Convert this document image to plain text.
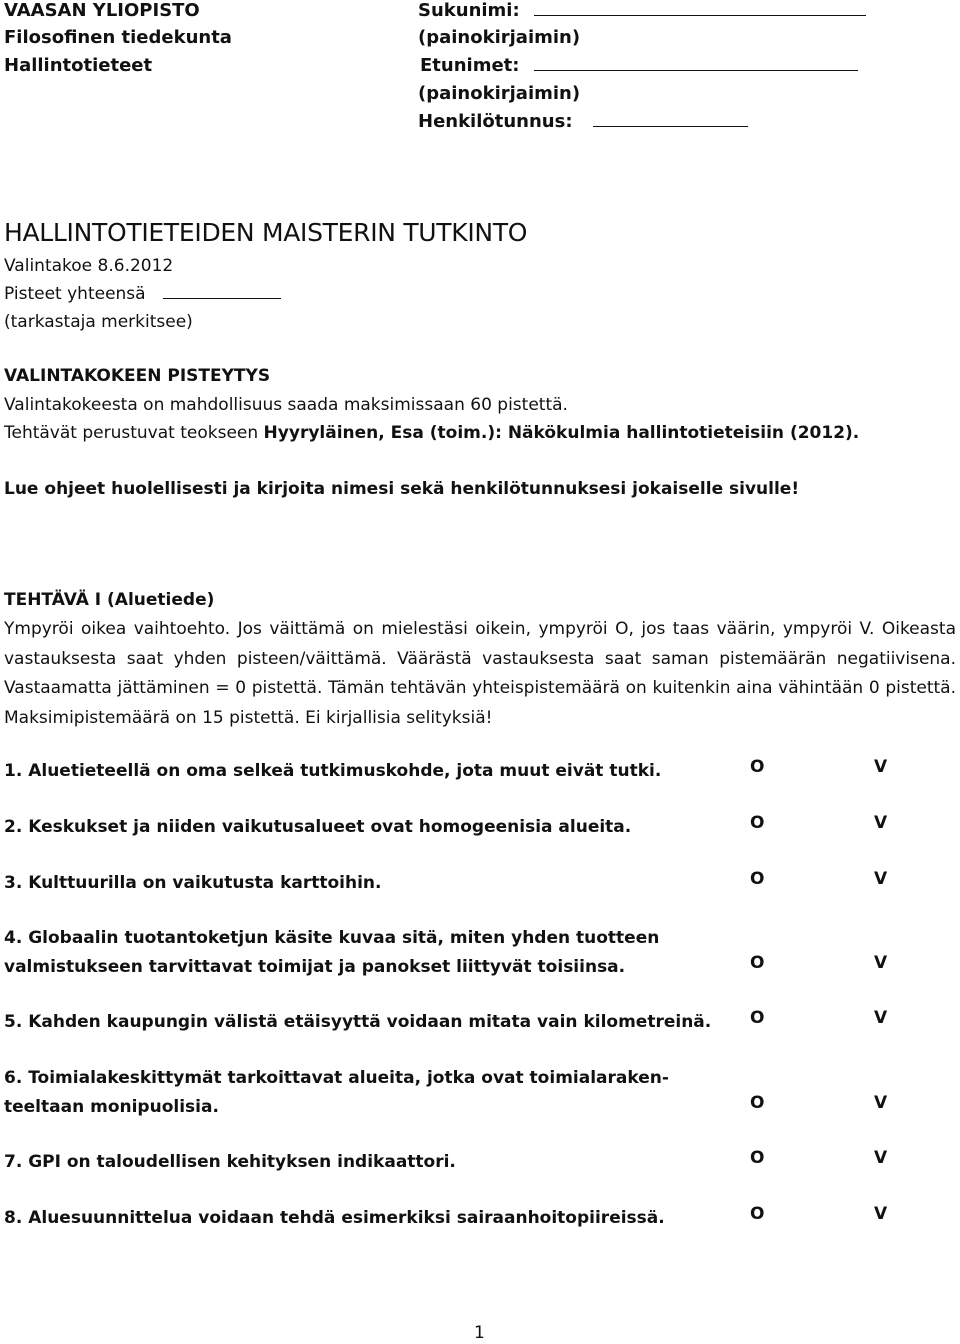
VAASAN YLIOPISTO
Filosofinen tiedekunta
Hallintotieteet
Sukunimi:
(painokirjaimin)
Etunimet:
(painokirjaimin)
Henkilötunnus:
HALLINTOTIETEIDEN MAISTERIN TUTKINTO
Valintakoe 8.6.2012
Pisteet yhteensä
(tarkastaja merkitsee)
VALINTAKOKEEN PISTEYTYS
Valintakokeesta on mahdollisuus saada maksimissaan 60 pistettä.
Tehtävät perustuvat teokseen Hyyryläinen, Esa (toim.): Näkökulmia hallintotieteisiin (2012).
Lue ohjeet huolellisesti ja kirjoita nimesi sekä henkilötunnuksesi jokaiselle sivulle!
TEHTÄVÄ I (Aluetiede)
Ympyröi oikea vaihtoehto. Jos väittämä on mielestäsi oikein, ympyröi O, jos taas väärin, ympyröi V. Oikeasta vastauksesta saat yhden pisteen/väittämä. Väärästä vastauksesta saat saman pistemäärän negatiivisena. Vastaamatta jättäminen = 0 pistettä. Tämän tehtävän yhteispistemäärä on kuitenkin aina vähintään 0 pistettä. Maksimipistemäärä on 15 pistettä. Ei kirjallisia selityksiä!
1. Aluetieteellä on oma selkeä tutkimuskohde, jota muut eivät tutki.	O	V
2. Keskukset ja niiden vaikutusalueet ovat homogeenisia alueita.	O	V
3. Kulttuurilla on vaikutusta karttoihin.	O	V
4. Globaalin tuotantoketjun käsite kuvaa sitä, miten yhden tuotteen
valmistukseen tarvittavat toimijat ja panokset liittyvät toisiinsa.	O	V
5. Kahden kaupungin välistä etäisyyttä voidaan mitata vain kilometreinä.	O	V
6. Toimialakeskittymät tarkoittavat alueita, jotka ovat toimialaraken-
teeltaan monipuolisia.	O	V
7. GPI on taloudellisen kehityksen indikaattori.	O	V
8. Aluesuunnittelua voidaan tehdä esimerkiksi sairaanhoitopiireissä.	O	V
1
